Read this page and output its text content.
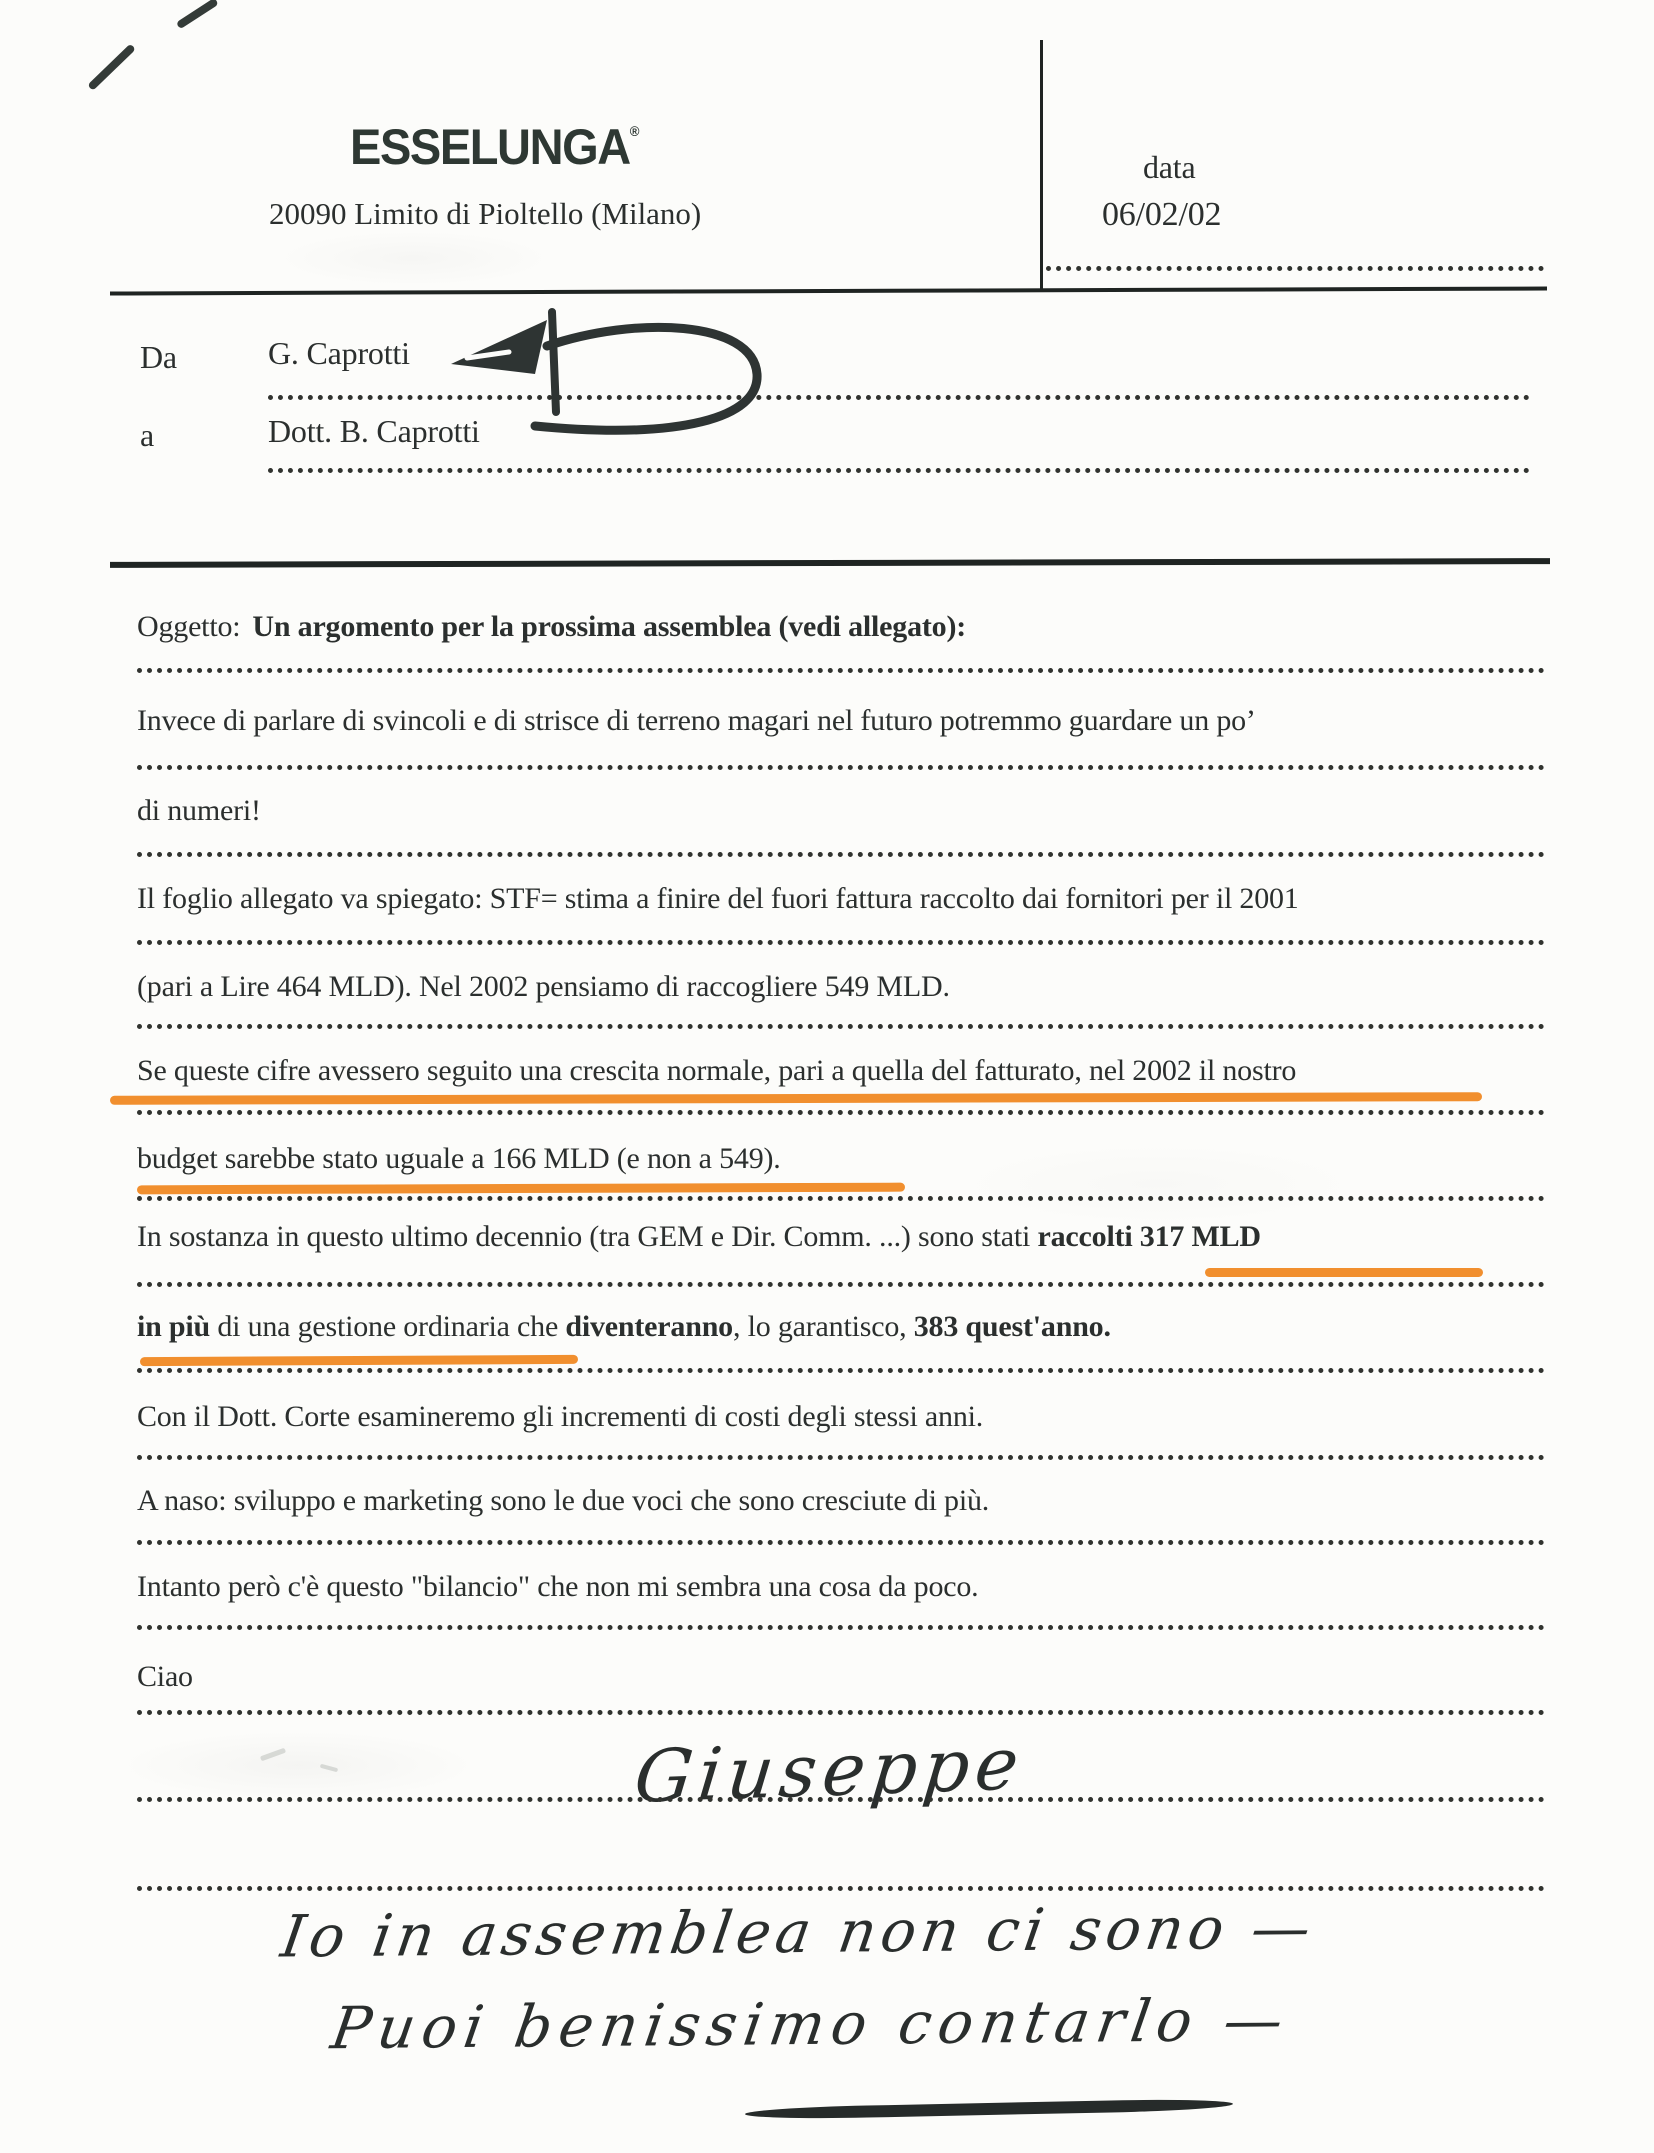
ESSELUNGA®
20090 Limito di Pioltello (Milano)
data
06/02/02
Da	G. Caprotti
a	Dott. B. Caprotti
Oggetto: Un argomento per la prossima assemblea (vedi allegato):
Invece di parlare di svincoli e di strisce di terreno magari nel futuro potremmo guardare un po’
di numeri!
Il foglio allegato va spiegato: STF= stima a finire del fuori fattura raccolto dai fornitori per il 2001
(pari a Lire 464 MLD). Nel 2002 pensiamo di raccogliere 549 MLD.
Se queste cifre avessero seguito una crescita normale, pari a quella del fatturato, nel 2002 il nostro
budget sarebbe stato uguale a 166 MLD (e non a 549).
In sostanza in questo ultimo decennio (tra GEM e Dir. Comm. ...) sono stati raccolti 317 MLD
in più di una gestione ordinaria che diventeranno, lo garantisco, 383 quest'anno.
Con il Dott. Corte esamineremo gli incrementi di costi degli stessi anni.
A naso: sviluppo e marketing sono le due voci che sono cresciute di più.
Intanto però c'è questo "bilancio" che non mi sembra una cosa da poco.
Ciao
Giuseppe
Io in assemblea non ci sono —
Puoi benissimo contarlo —
